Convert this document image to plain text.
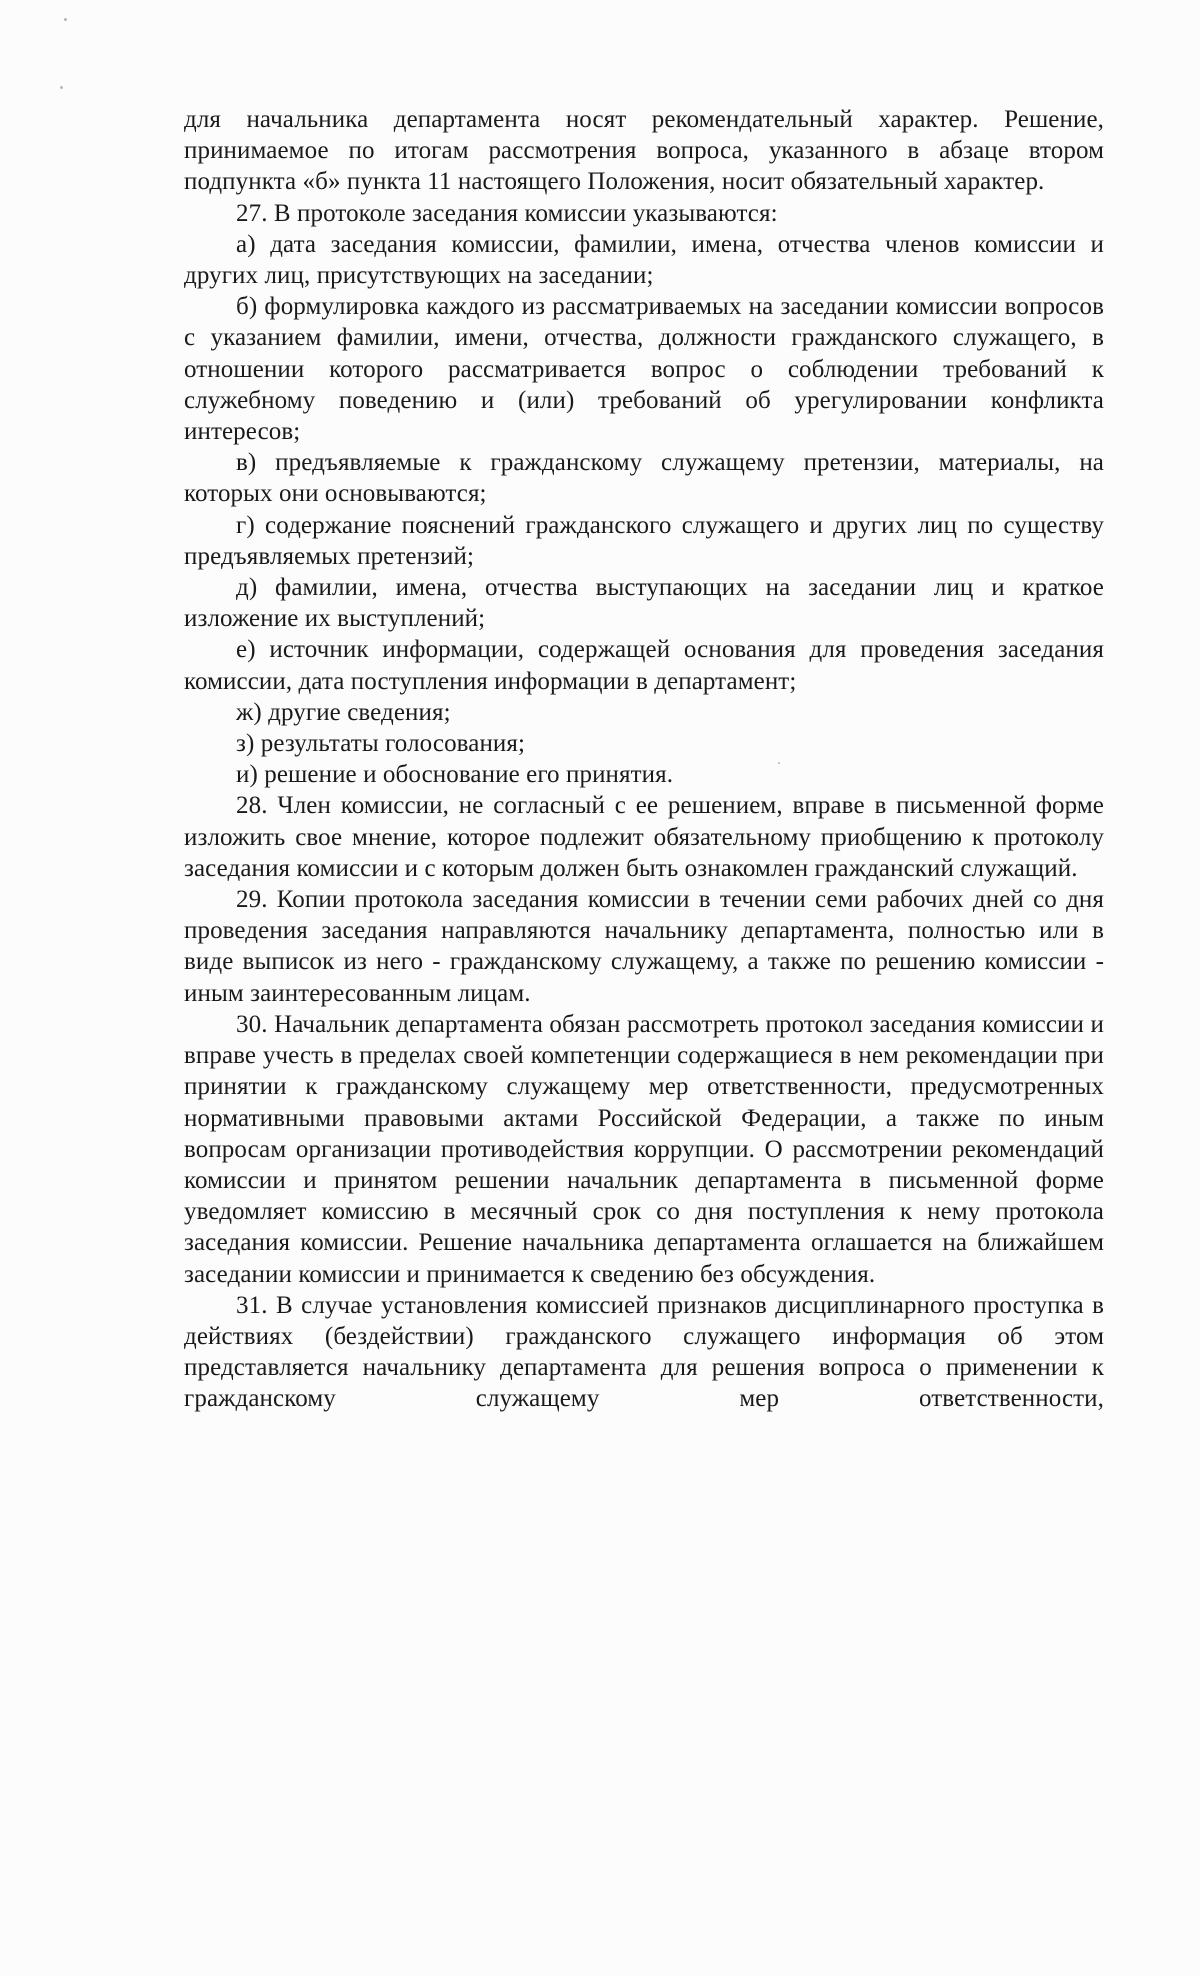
для начальника департамента носят рекомендательный характер. Решение, принимаемое по итогам рассмотрения вопроса, указанного в абзаце втором подпункта «б» пункта 11 настоящего Положения, носит обязательный характер.

27. В протоколе заседания комиссии указываются:

а) дата заседания комиссии, фамилии, имена, отчества членов комиссии и других лиц, присутствующих на заседании;

б) формулировка каждого из рассматриваемых на заседании комиссии вопросов с указанием фамилии, имени, отчества, должности гражданского служащего, в отношении которого рассматривается вопрос о соблюдении требований к служебному поведению и (или) требований об урегулировании конфликта интересов;

в) предъявляемые к гражданскому служащему претензии, материалы, на которых они основываются;

г) содержание пояснений гражданского служащего и других лиц по существу предъявляемых претензий;

д) фамилии, имена, отчества выступающих на заседании лиц и краткое изложение их выступлений;

е) источник информации, содержащей основания для проведения заседания комиссии, дата поступления информации в департамент;

ж) другие сведения;

з) результаты голосования;

и) решение и обоснование его принятия.

28. Член комиссии, не согласный с ее решением, вправе в письменной форме изложить свое мнение, которое подлежит обязательному приобщению к протоколу заседания комиссии и с которым должен быть ознакомлен гражданский служащий.

29. Копии протокола заседания комиссии в течении семи рабочих дней со дня проведения заседания направляются начальнику департамента, полностью или в виде выписок из него - гражданскому служащему, а также по решению комиссии - иным заинтересованным лицам.

30. Начальник департамента обязан рассмотреть протокол заседания комиссии и вправе учесть в пределах своей компетенции содержащиеся в нем рекомендации при принятии к гражданскому служащему мер ответственности, предусмотренных нормативными правовыми актами Российской Федерации, а также по иным вопросам организации противодействия коррупции. О рассмотрении рекомендаций комиссии и принятом решении начальник департамента в письменной форме уведомляет комиссию в месячный срок со дня поступления к нему протокола заседания комиссии. Решение начальника департамента оглашается на ближайшем заседании комиссии и принимается к сведению без обсуждения.

31. В случае установления комиссией признаков дисциплинарного проступка в действиях (бездействии) гражданского служащего информация об этом представляется начальнику департамента для решения вопроса о применении к гражданскому служащему мер ответственности,
